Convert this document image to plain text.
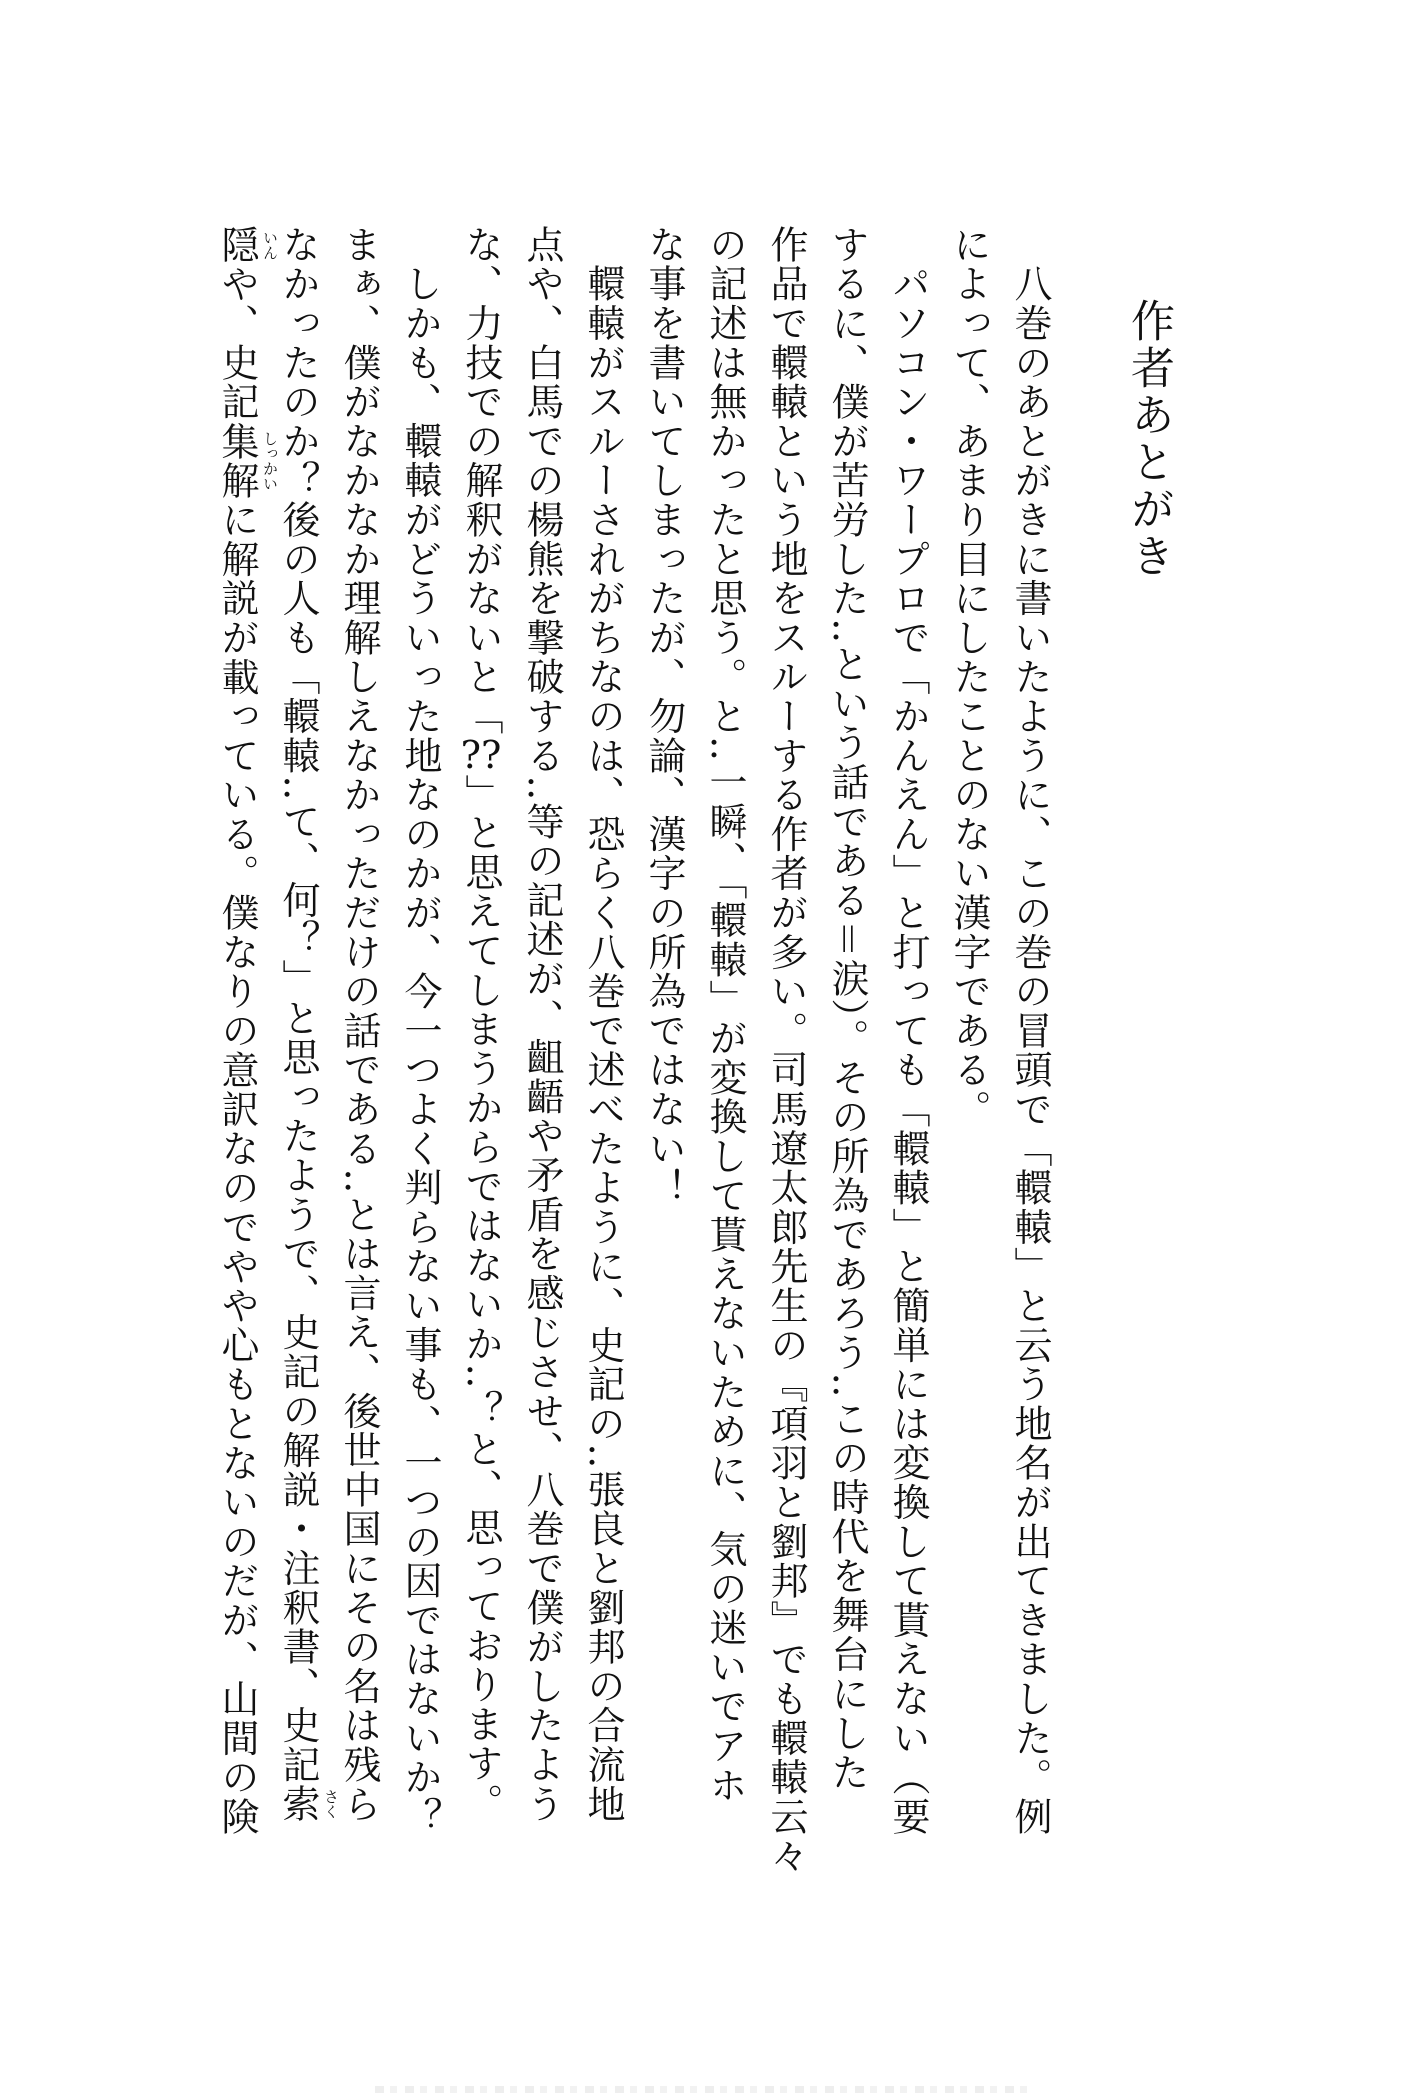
作者あとがき
　八巻のあとがきに書いたように、この巻の冒頭で「轘轅」と云う地名が出てきました。例
によって、あまり目にしたことのない漢字である。
　パソコン・ワープロで「かんえん」と打っても「轘轅」と簡単には変換して貰えない（要
するに、僕が苦労した‥という話である＝涙）。その所為であろう‥この時代を舞台にした
作品で轘轅という地をスルーする作者が多い。司馬遼太郎先生の『項羽と劉邦』でも轘轅云々
の記述は無かったと思う。と‥一瞬、「轘轅」が変換して貰えないために、気の迷いでアホ
な事を書いてしまったが、勿論、漢字の所為ではない！
　轘轅がスルーされがちなのは、恐らく八巻で述べたように、史記の‥張良と劉邦の合流地
点や、白馬での楊熊を撃破する‥等の記述が、齟齬や矛盾を感じさせ、八巻で僕がしたよう
な、力技での解釈がないと「??」と思えてしまうからではないか‥？と、思っております。
　しかも、轘轅がどういった地なのかが、今一つよく判らない事も、一つの因ではないか？
まぁ、僕がなかなか理解しえなかっただけの話である‥とは言え、後世中国にその名は残ら
なかったのか？後の人も「轘轅‥て、何？」と思ったようで、史記の解説・注釈書、史記索 さく
隠 いん
や、史記集解 しっかい
に解説が載っている。僕なりの意訳なのでやや心もとないのだが、山間の険
